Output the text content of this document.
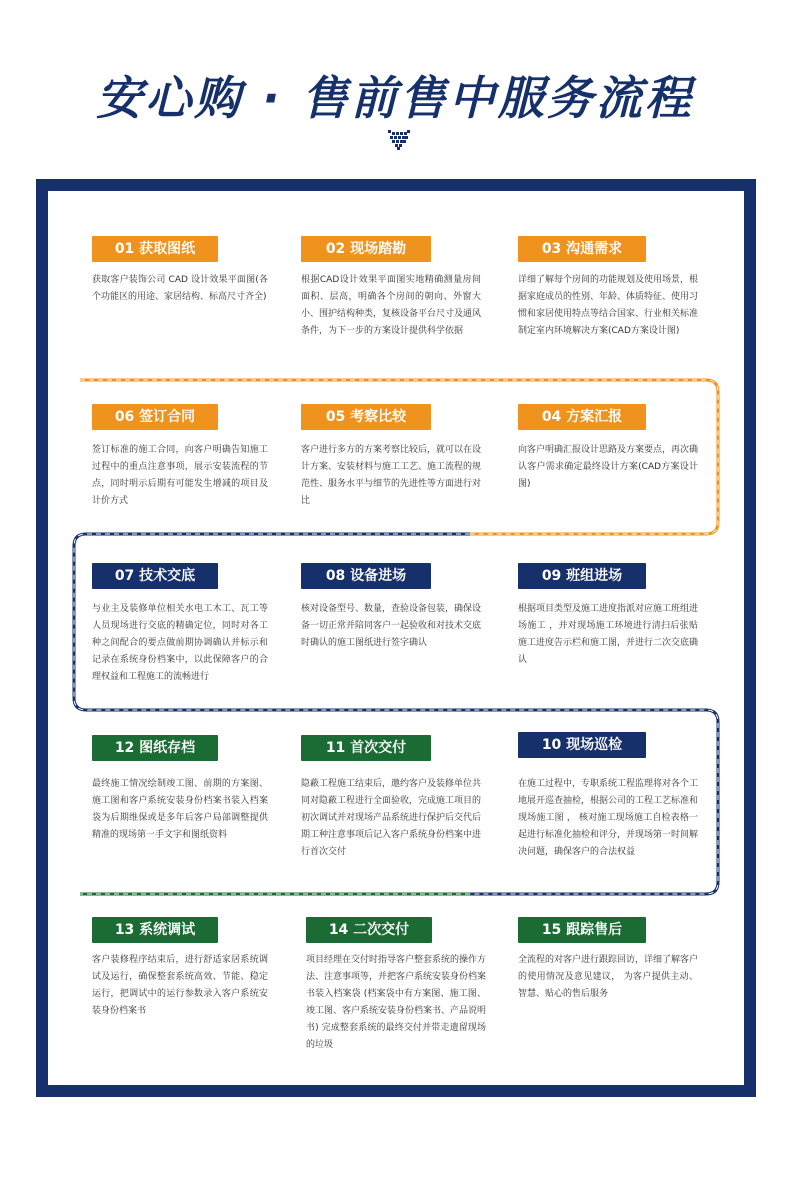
安心购 · 售前售中服务流程
01 获取图纸

获取客户装饰公司 CAD 设计效果平面图(各个功能区的用途、家居结构、标高尺寸齐全)

02 现场踏勘

根据CAD设计效果平面图实地精确测量房间面积、层高，明确各个房间的朝向、外窗大小、围护结构种类，复核设备平台尺寸及通风条件，为下一步的方案设计提供科学依据

03 沟通需求

详细了解每个房间的功能规划及使用场景，根据家庭成员的性别、年龄、体质特征、使用习惯和家居使用特点等结合国家、行业相关标准制定室内环境解决方案(CAD方案设计图)

06 签订合同

签订标准的施工合同，向客户明确告知施工过程中的重点注意事项，展示安装流程的节点，同时明示后期有可能发生增减的项目及计价方式

05 考察比较

客户进行多方的方案考察比较后，就可以在设计方案、安装材料与施工工艺、施工流程的规范性、服务水平与细节的先进性等方面进行对比

04 方案汇报

向客户明确汇报设计思路及方案要点，再次确认客户需求确定最终设计方案(CAD方案设计图)

07 技术交底

与业主及装修单位相关水电工木工、瓦工等人员现场进行交底的精确定位，同时对各工种之间配合的要点做前期协调确认并标示和记录在系统身份档案中，以此保障客户的合理权益和工程施工的流畅进行

08 设备进场

核对设备型号、数量，查验设备包装，确保设备一切正常并陪同客户一起验收和对技术交底时确认的施工图纸进行签字确认

09 班组进场

根据项目类型及施工进度指派对应施工班组进场施工 ，并对现场施工环境进行清扫后张贴施工进度告示栏和施工图，并进行二次交底确认

12 图纸存档

最终施工情况绘制竣工图、前期的方案图、施工图和客户系统安装身份档案书装入档案袋为后期维保或是多年后客户局部调整提供精准的现场第一手文字和图纸资料

11 首次交付

隐蔽工程施工结束后，邀约客户及装修单位共同对隐蔽工程进行全面验收，完成施工项目的初次调试并对现场产品系统进行保护后交代后期工种注意事项后记入客户系统身份档案中进行首次交付

10 现场巡检

在施工过程中，专职系统工程监理将对各个工地展开巡查抽检，根据公司的工程工艺标准和现场施工图 ， 核对施工现场施工自检表格一起进行标准化抽检和评分，并现场第一时间解决问题，确保客户的合法权益

13 系统调试

客户装修程序结束后，进行舒适家居系统调试及运行，确保整套系统高效、节能、稳定运行，把调试中的运行参数录入客户系统安装身份档案书

14 二次交付

项目经理在交付时指导客户整套系统的操作方法、注意事项等，并把客户系统安装身份档案书装入档案袋 (档案袋中有方案图、施工图、竣工图、客户系统安装身份档案书、产品说明书) 完成整套系统的最终交付并带走遗留现场的垃圾

15 跟踪售后

全流程的对客户进行跟踪回访，详细了解客户的使用情况及意见建议， 为客户提供主动、智慧、贴心的售后服务
